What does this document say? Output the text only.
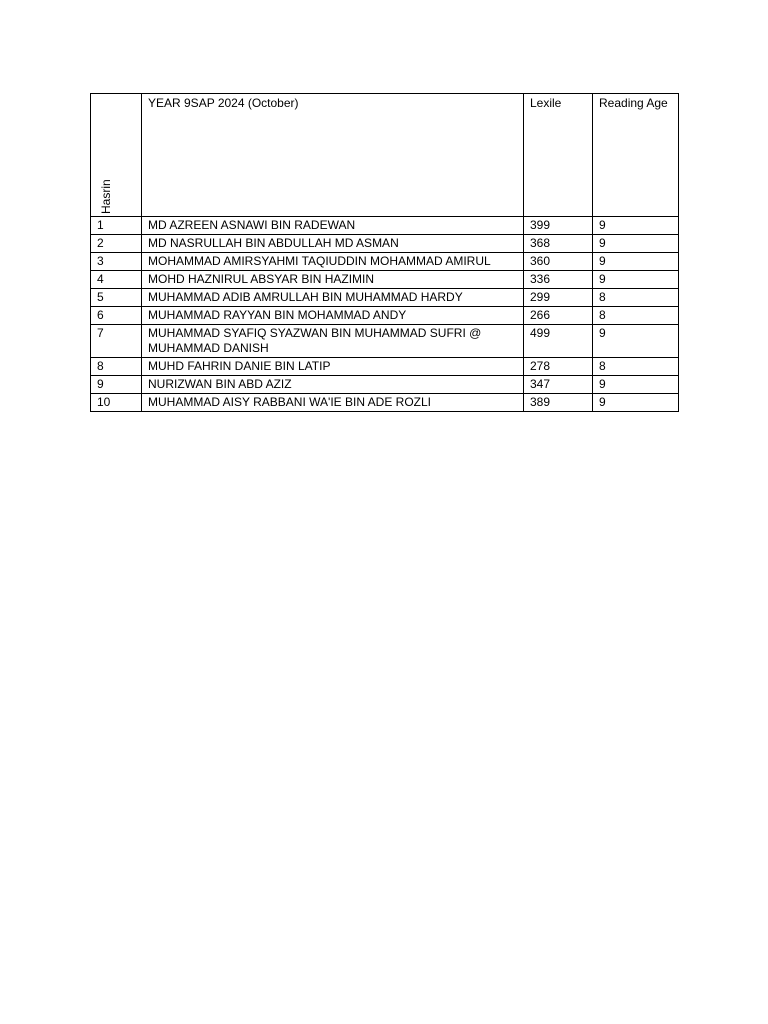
Hasrin	YEAR 9SAP 2024 (October)	Lexile	Reading Age
1	MD AZREEN ASNAWI BIN RADEWAN	399	9
2	MD NASRULLAH BIN ABDULLAH MD ASMAN	368	9
3	MOHAMMAD AMIRSYAHMI TAQIUDDIN MOHAMMAD AMIRUL	360	9
4	MOHD HAZNIRUL ABSYAR BIN HAZIMIN	336	9
5	MUHAMMAD ADIB AMRULLAH BIN MUHAMMAD HARDY	299	8
6	MUHAMMAD RAYYAN BIN MOHAMMAD ANDY	266	8
7	MUHAMMAD SYAFIQ SYAZWAN BIN MUHAMMAD SUFRI @ MUHAMMAD DANISH	499	9
8	MUHD FAHRIN DANIE BIN LATIP	278	8
9	NURIZWAN BIN ABD AZIZ	347	9
10	MUHAMMAD AISY RABBANI WA'IE BIN ADE ROZLI	389	9
